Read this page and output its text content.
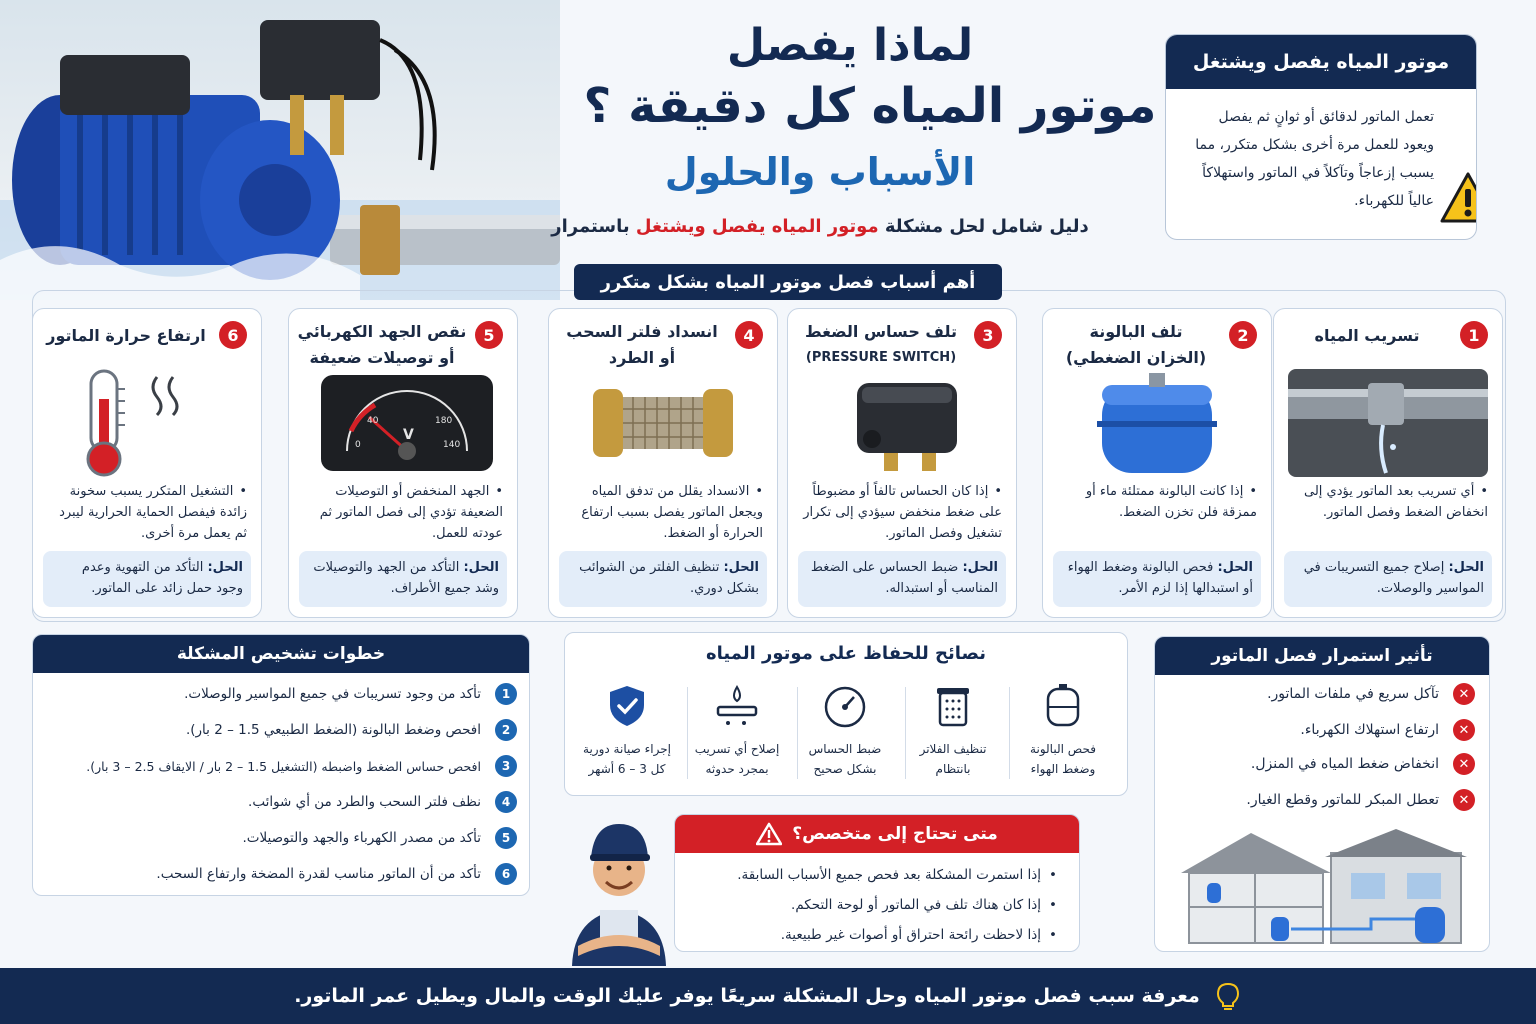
لماذا يفصل
موتور المياه كل دقيقة ؟
الأسباب والحلول
دليل شامل لحل مشكلة موتور المياه يفصل ويشتغل باستمرار
موتور المياه يفصل ويشتغل
تعمل الماتور لدقائق أو ثوانٍ ثم يفصل ويعود للعمل مرة أخرى بشكل متكرر، مما يسبب إزعاجاً وتآكلاً في الماتور واستهلاكاً عالياً للكهرباء.
أهم أسباب فصل موتور المياه بشكل متكرر
1
تسريب المياه
• أي تسريب بعد الماتور يؤدي إلى انخفاض الضغط وفصل الماتور.
الحل: إصلاح جميع التسريبات في المواسير والوصلات.
2
تلف البالونة
(الخزان الضغطي)
• إذا كانت البالونة ممتلئة ماء أو ممزقة فلن تخزن الضغط.
الحل: فحص البالونة وضغط الهواء أو استبدالها إذا لزم الأمر.
3
تلف حساس الضغط
(PRESSURE SWITCH)
• إذا كان الحساس تالفاً أو مضبوطاً على ضغط منخفض سيؤدي إلى تكرار تشغيل وفصل الماتور.
الحل: ضبط الحساس على الضغط المناسب أو استبداله.
4
انسداد فلتر السحب
أو الطرد
• الانسداد يقلل من تدفق المياه ويجعل الماتور يفصل بسبب ارتفاع الحرارة أو الضغط.
الحل: تنظيف الفلتر من الشوائب بشكل دوري.
5
نقص الجهد الكهربائي
أو توصيلات ضعيفة
0
40	180
140
V
• الجهد المنخفض أو التوصيلات الضعيفة تؤدي إلى فصل الماتور ثم عودته للعمل.
الحل: التأكد من الجهد والتوصيلات وشد جميع الأطراف.
6
ارتفاع حرارة الماتور
• التشغيل المتكرر يسبب سخونة زائدة فيفصل الحماية الحرارية ليبرد ثم يعمل مرة أخرى.
الحل: التأكد من التهوية وعدم وجود حمل زائد على الماتور.
خطوات تشخيص المشكلة
1
تأكد من وجود تسريبات في جميع المواسير والوصلات.
2
افحص وضغط البالونة (الضغط الطبيعي 1.5 – 2 بار).
3
افحص حساس الضغط واضبطه (التشغيل 1.5 – 2 بار / الايقاف 2.5 – 3 بار).
4
نظف فلتر السحب والطرد من أي شوائب.
5
تأكد من مصدر الكهرباء والجهد والتوصيلات.
6
تأكد من أن الماتور مناسب لقدرة المضخة وارتفاع السحب.
نصائح للحفاظ على موتور المياه
فحص البالونة
وضغط الهواء
تنظيف الفلاتر
بانتظام
ضبط الحساس
بشكل صحيح
إصلاح أي تسريب
بمجرد حدوثه
إجراء صيانة دورية
كل 3 – 6 أشهر
متى تحتاج إلى متخصص؟
• إذا استمرت المشكلة بعد فحص جميع الأسباب السابقة.
• إذا كان هناك تلف في الماتور أو لوحة التحكم.
• إذا لاحظت رائحة احتراق أو أصوات غير طبيعية.
تأثير استمرار فصل الماتور
✕
تآكل سريع في ملفات الماتور.
✕
ارتفاع استهلاك الكهرباء.
✕
انخفاض ضغط المياه في المنزل.
✕
تعطل المبكر للماتور وقطع الغيار.
معرفة سبب فصل موتور المياه وحل المشكلة سريعًا يوفر عليك الوقت والمال ويطيل عمر الماتور.
